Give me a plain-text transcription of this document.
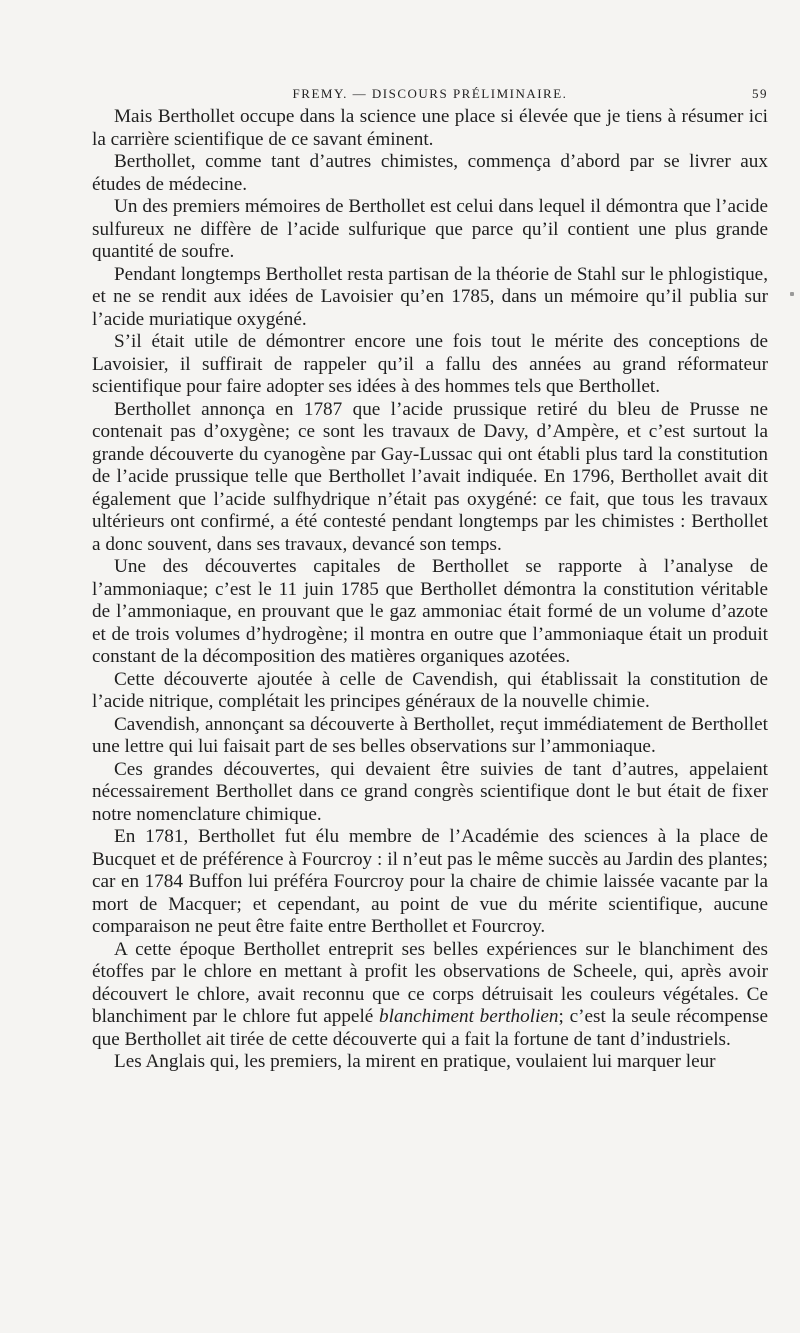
FREMY. — DISCOURS PRÉLIMINAIRE.	59

Mais Berthollet occupe dans la science une place si élevée que je tiens à résumer ici la carrière scientifique de ce savant éminent.

Berthollet, comme tant d’autres chimistes, commença d’abord par se livrer aux études de médecine.

Un des premiers mémoires de Berthollet est celui dans lequel il démontra que l’acide sulfureux ne diffère de l’acide sulfurique que parce qu’il contient une plus grande quantité de soufre.

Pendant longtemps Berthollet resta partisan de la théorie de Stahl sur le phlogistique, et ne se rendit aux idées de Lavoisier qu’en 1785, dans un mémoire qu’il publia sur l’acide muriatique oxygéné.

S’il était utile de démontrer encore une fois tout le mérite des conceptions de Lavoisier, il suffirait de rappeler qu’il a fallu des années au grand réformateur scientifique pour faire adopter ses idées à des hommes tels que Berthollet.

Berthollet annonça en 1787 que l’acide prussique retiré du bleu de Prusse ne contenait pas d’oxygène; ce sont les travaux de Davy, d’Ampère, et c’est surtout la grande découverte du cyanogène par Gay-Lussac qui ont établi plus tard la constitution de l’acide prussique telle que Berthollet l’avait indiquée. En 1796, Berthollet avait dit également que l’acide sulfhydrique n’était pas oxygéné: ce fait, que tous les travaux ultérieurs ont confirmé, a été contesté pendant longtemps par les chimistes : Berthollet a donc souvent, dans ses travaux, devancé son temps.

Une des découvertes capitales de Berthollet se rapporte à l’analyse de l’ammoniaque; c’est le 11 juin 1785 que Berthollet démontra la constitution véritable de l’ammoniaque, en prouvant que le gaz ammoniac était formé de un volume d’azote et de trois volumes d’hydrogène; il montra en outre que l’ammoniaque était un produit constant de la décomposition des matières organiques azotées.

Cette découverte ajoutée à celle de Cavendish, qui établissait la constitution de l’acide nitrique, complétait les principes généraux de la nouvelle chimie.

Cavendish, annonçant sa découverte à Berthollet, reçut immédiatement de Berthollet une lettre qui lui faisait part de ses belles observations sur l’ammoniaque.

Ces grandes découvertes, qui devaient être suivies de tant d’autres, appelaient nécessairement Berthollet dans ce grand congrès scientifique dont le but était de fixer notre nomenclature chimique.

En 1781, Berthollet fut élu membre de l’Académie des sciences à la place de Bucquet et de préférence à Fourcroy : il n’eut pas le même succès au Jardin des plantes; car en 1784 Buffon lui préféra Fourcroy pour la chaire de chimie laissée vacante par la mort de Macquer; et cependant, au point de vue du mérite scientifique, aucune comparaison ne peut être faite entre Berthollet et Fourcroy.

A cette époque Berthollet entreprit ses belles expériences sur le blanchiment des étoffes par le chlore en mettant à profit les observations de Scheele, qui, après avoir découvert le chlore, avait reconnu que ce corps détruisait les couleurs végétales. Ce blanchiment par le chlore fut appelé blanchiment bertholien; c’est la seule récompense que Berthollet ait tirée de cette découverte qui a fait la fortune de tant d’industriels.

Les Anglais qui, les premiers, la mirent en pratique, voulaient lui marquer leur
